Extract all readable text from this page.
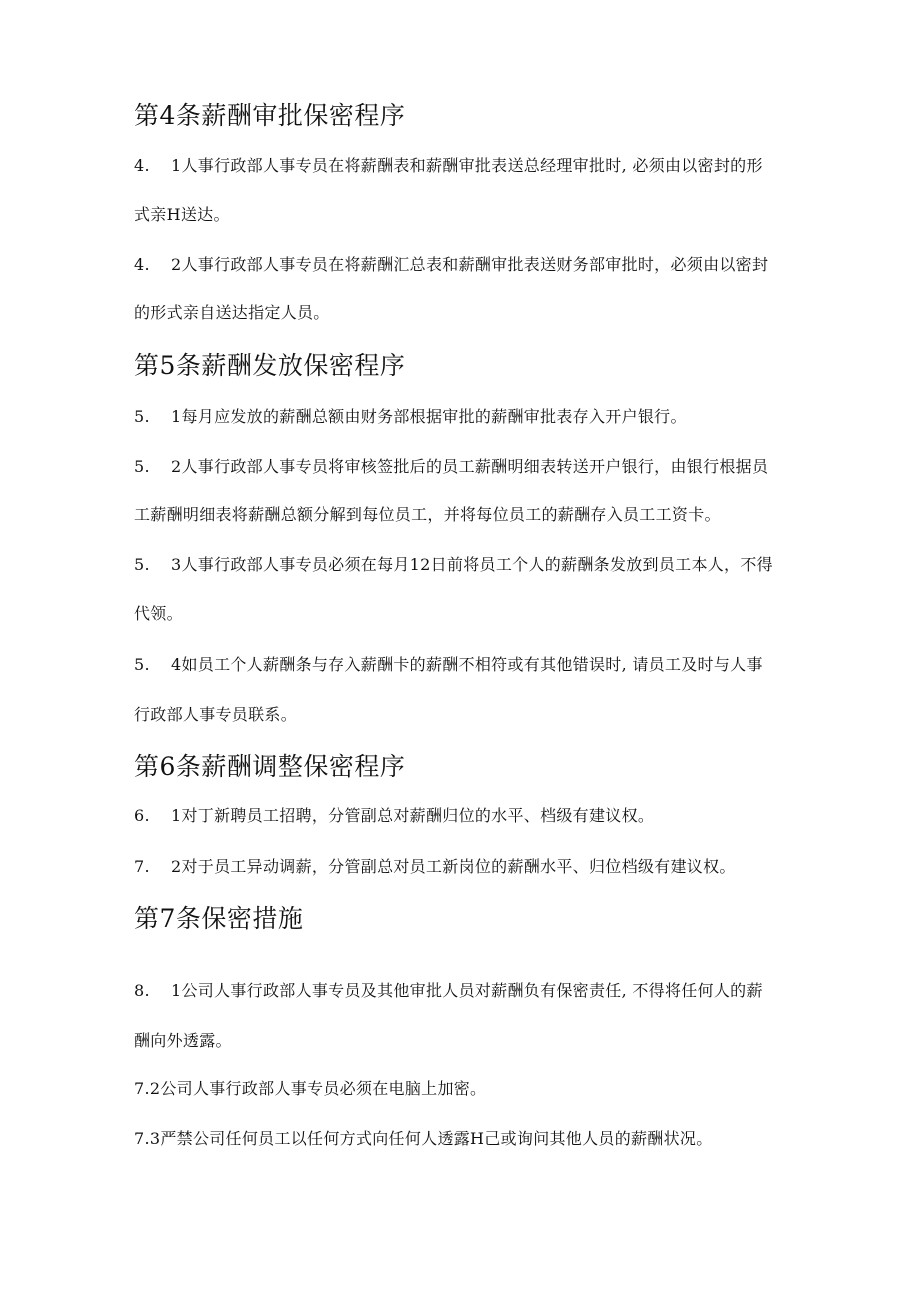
第4条薪酬审批保密程序
4. 1人事行政部人事专员在将薪酬表和薪酬审批表送总经理审批时, 必须由以密封的形
式亲H送达。
4. 2人事行政部人事专员在将薪酬汇总表和薪酬审批表送财务部审批时，必须由以密封
的形式亲自送达指定人员。
第5条薪酬发放保密程序
5. 1每月应发放的薪酬总额由财务部根据审批的薪酬审批表存入开户银行。
5. 2人事行政部人事专员将审核签批后的员工薪酬明细表转送开户银行，由银行根据员
工薪酬明细表将薪酬总额分解到每位员工，并将每位员工的薪酬存入员工工资卡。
5. 3人事行政部人事专员必须在每月12日前将员工个人的薪酬条发放到员工本人，不得
代领。
5. 4如员工个人薪酬条与存入薪酬卡的薪酬不相符或有其他错误时, 请员工及时与人事
行政部人事专员联系。
第6条薪酬调整保密程序
6. 1对丁新聘员工招聘，分管副总对薪酬归位的水平、档级有建议权。
7. 2对于员工异动调薪，分管副总对员工新岗位的薪酬水平、归位档级有建议权。
第7条保密措施
8. 1公司人事行政部人事专员及其他审批人员对薪酬负有保密责任, 不得将任何人的薪
酬向外透露。
7.2公司人事行政部人事专员必须在电脑上加密。
7.3严禁公司任何员工以任何方式向任何人透露H己或询问其他人员的薪酬状况。
